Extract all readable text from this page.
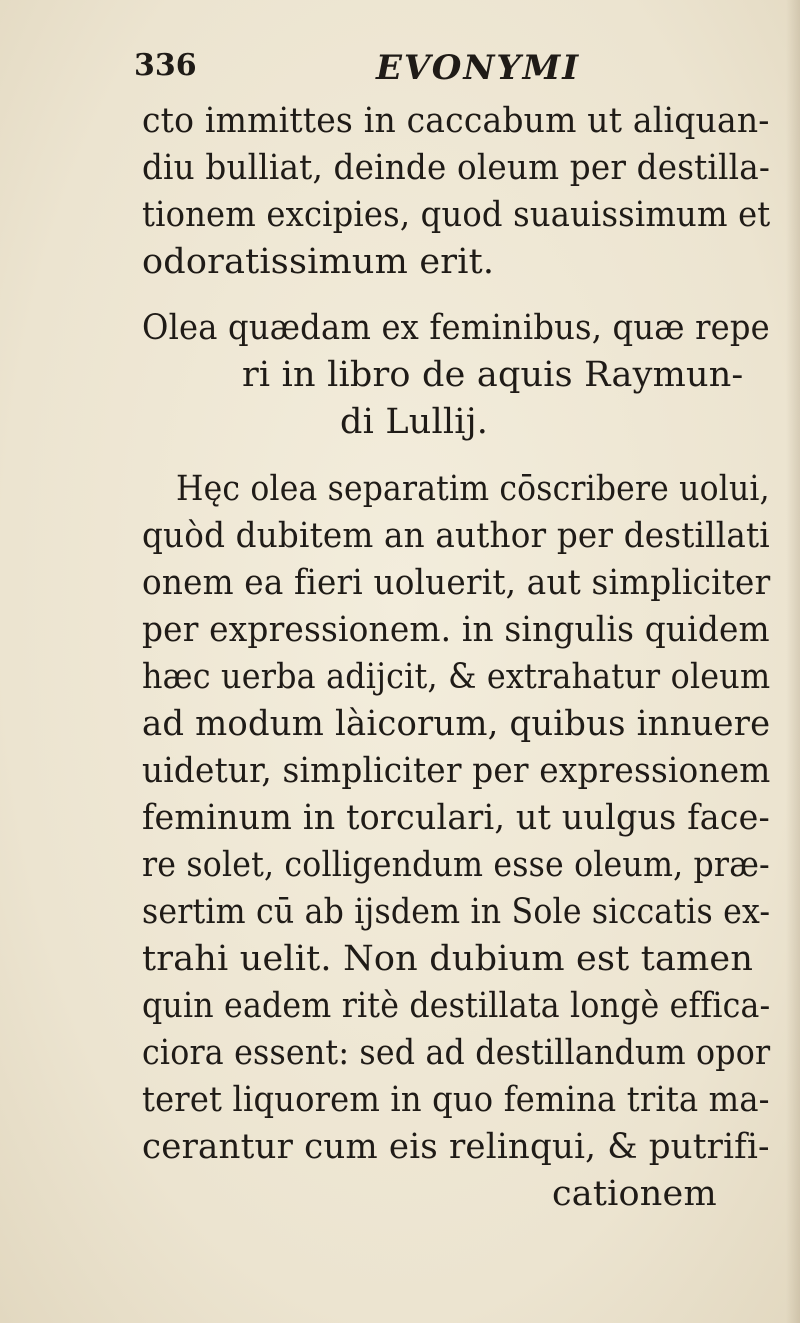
336	EVONYMI
cto immittes in caccabum ut aliquan-
diu bulliat, deinde oleum per destilla-
tionem excipies, quod suauissimum et
odoratissimum erit.
Olea quædam ex feminibus, quæ repe
ri in libro de aquis Raymun-
di Lullij.
Hęc olea separatim cōscribere uolui,
quòd dubitem an author per destillati
onem ea fieri uoluerit, aut simpliciter
per expressionem. in singulis quidem
hæc uerba adijcit, & extrahatur oleum
ad modum làicorum, quibus innuere
uidetur, simpliciter per expressionem
feminum in torculari, ut uulgus face-
re solet, colligendum esse oleum, præ-
sertim cū ab ijsdem in Sole siccatis ex-
trahi uelit. Non dubium est tamen
quin eadem ritè destillata longè effica-
ciora essent: sed ad destillandum opor
teret liquorem in quo femina trita ma-
cerantur cum eis relinqui, & putrifi-
cationem
